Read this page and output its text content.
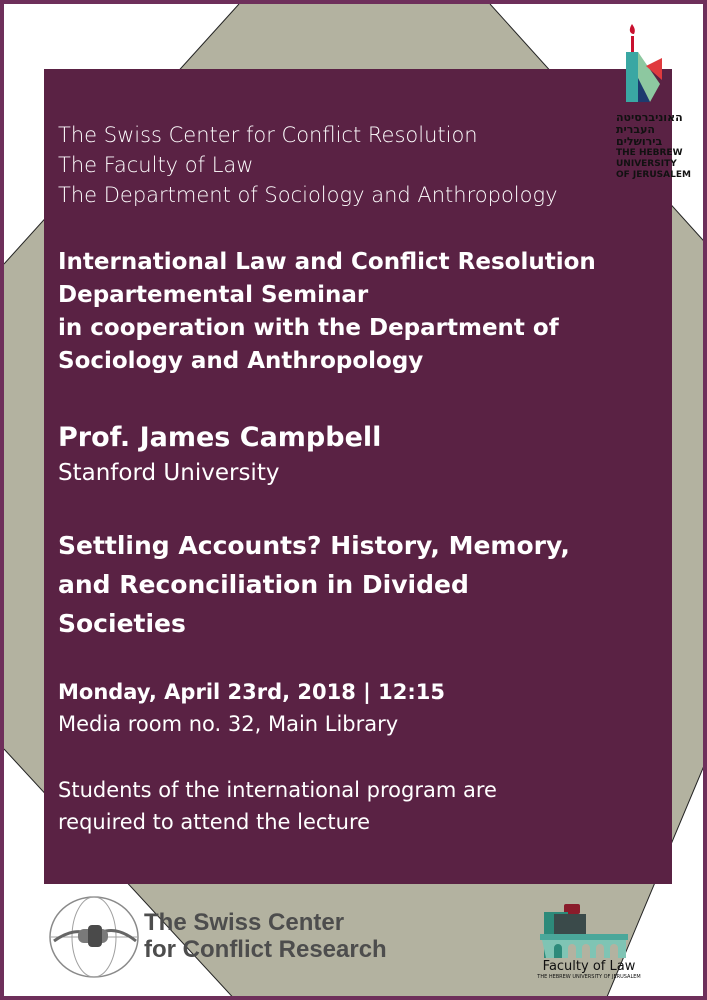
האוניברסיטה
העברית
בירושלים
THE HEBREW
UNIVERSITY
OF JERUSALEM
The Swiss Center for Conflict Resolution
The Faculty of Law
The Department of Sociology and Anthropology
International Law and Conflict Resolution
Departemental Seminar
in cooperation with the Department of
Sociology and Anthropology
Prof. James Campbell
Stanford University
Settling Accounts? History, Memory,
and Reconciliation in Divided
Societies
Monday, April 23rd, 2018 | 12:15
Media room no. 32, Main Library
Students of the international program are
required to attend the lecture
The Swiss Center
for Conflict Research
Faculty of Law
THE HEBREW UNIVERSITY OF JERUSALEM
